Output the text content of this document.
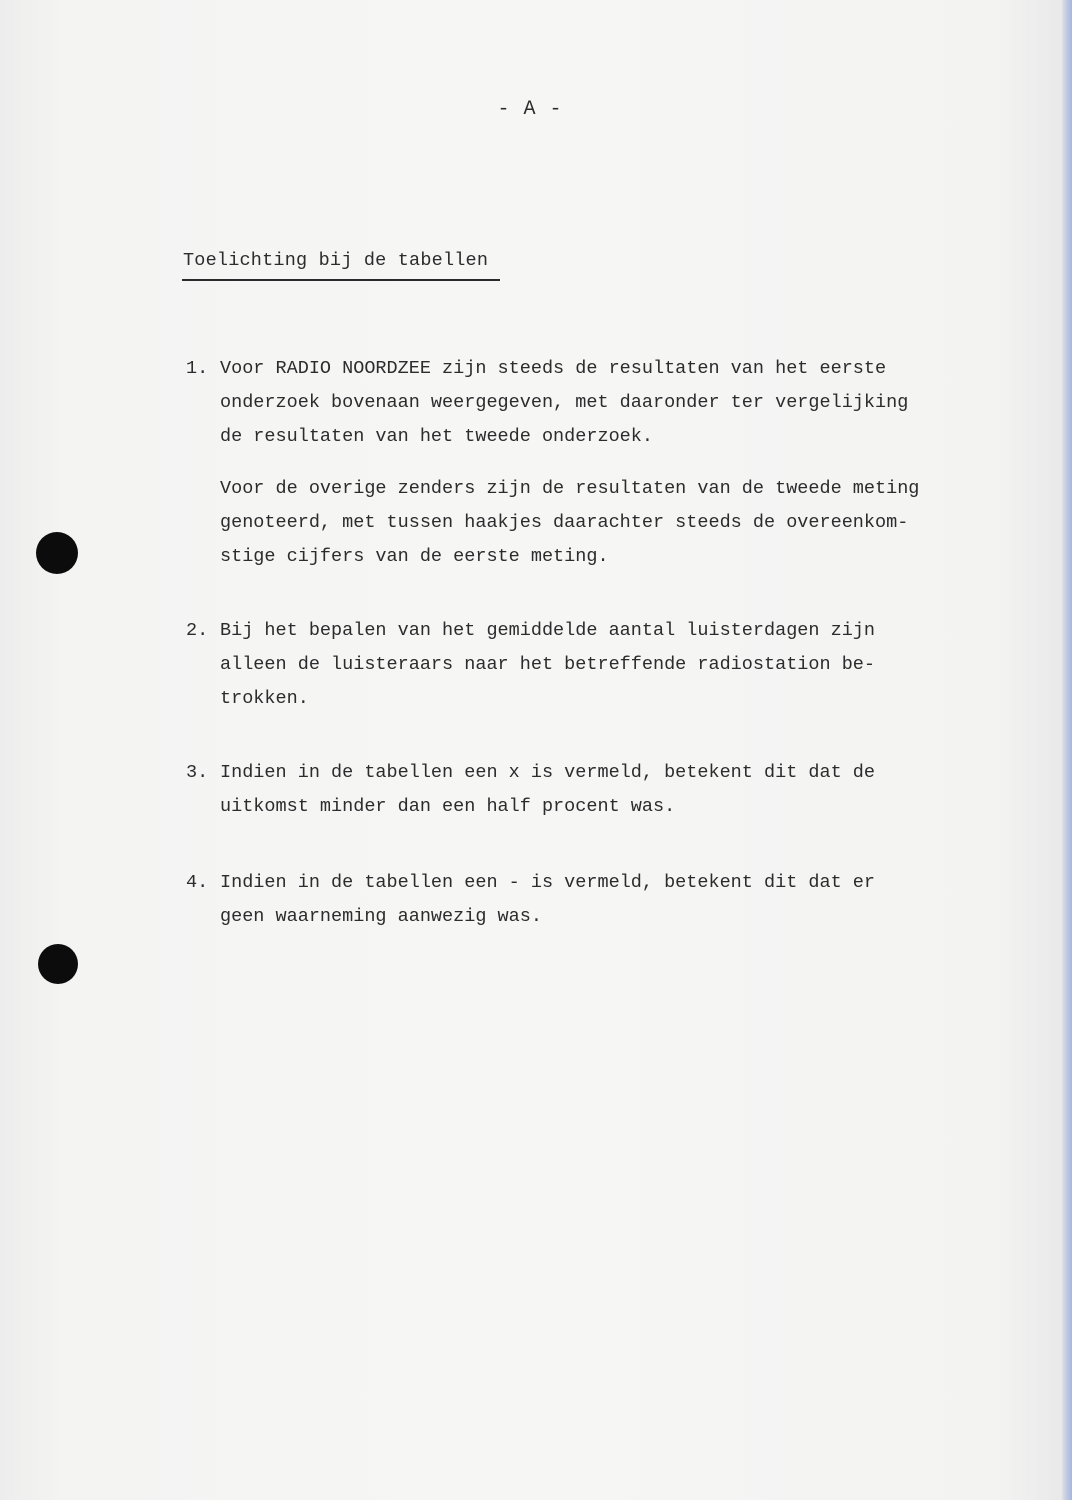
- A -
Toelichting bij de tabellen
1. Voor RADIO NOORDZEE zijn steeds de resultaten van het eerste
onderzoek bovenaan weergegeven, met daaronder ter vergelijking
de resultaten van het tweede onderzoek.
Voor de overige zenders zijn de resultaten van de tweede meting
genoteerd, met tussen haakjes daarachter steeds de overeenkom-
stige cijfers van de eerste meting.
2. Bij het bepalen van het gemiddelde aantal luisterdagen zijn
alleen de luisteraars naar het betreffende radiostation be-
trokken.
3. Indien in de tabellen een x is vermeld, betekent dit dat de
uitkomst minder dan een half procent was.
4. Indien in de tabellen een - is vermeld, betekent dit dat er
geen waarneming aanwezig was.
